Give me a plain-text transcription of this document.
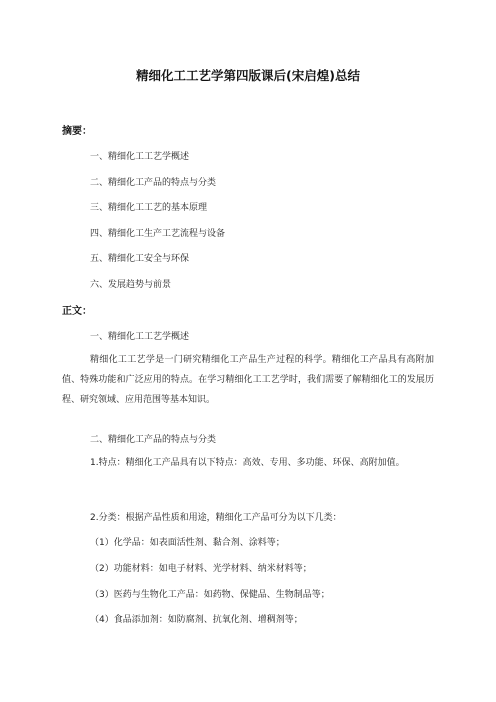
精细化工工艺学第四版课后(宋启煌)总结
摘要：
一、精细化工工艺学概述
二、精细化工产品的特点与分类
三、精细化工工艺的基本原理
四、精细化工生产工艺流程与设备
五、精细化工安全与环保
六、发展趋势与前景
正文：
一、精细化工工艺学概述
精细化工工艺学是一门研究精细化工产品生产过程的科学。精细化工产品具有高附加值、特殊功能和广泛应用的特点。在学习精细化工工艺学时，我们需要了解精细化工的发展历程、研究领域、应用范围等基本知识。
二、精细化工产品的特点与分类
1.特点：精细化工产品具有以下特点：高效、专用、多功能、环保、高附加值。
2.分类：根据产品性质和用途，精细化工产品可分为以下几类：
（1）化学品：如表面活性剂、黏合剂、涂料等；
（2）功能材料：如电子材料、光学材料、纳米材料等；
（3）医药与生物化工产品：如药物、保健品、生物制品等；
（4）食品添加剂：如防腐剂、抗氧化剂、增稠剂等；
